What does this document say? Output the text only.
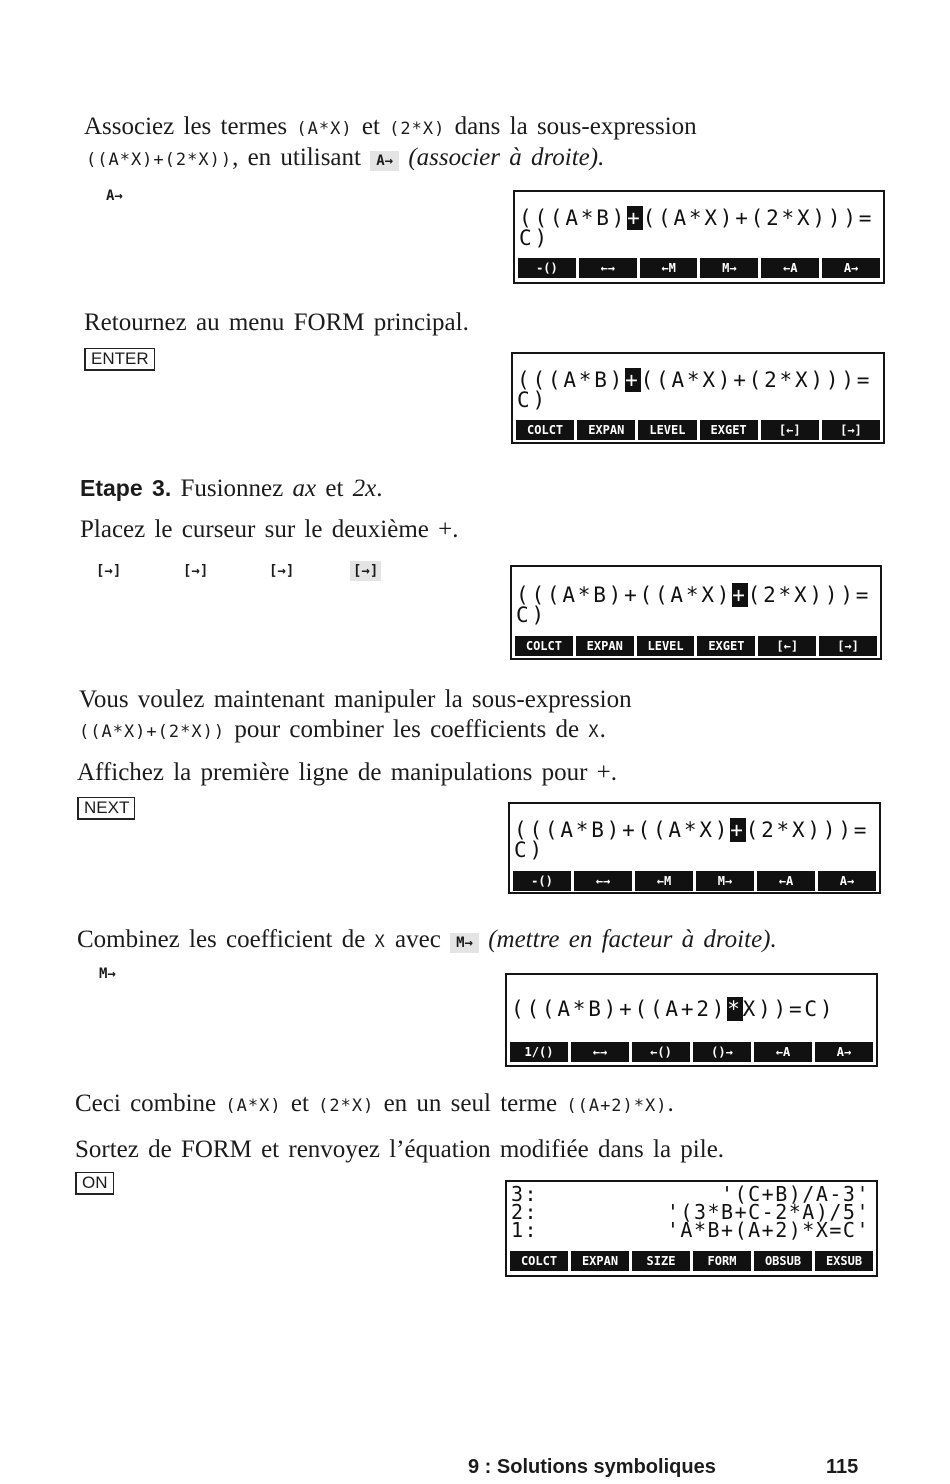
Associez les termes (A*X) et (2*X) dans la sous-expression
((A*X)+(2*X)), en utilisant A→ (associer à droite).
A→
(((A*B)+((A*X)+(2*X)))=
C)
-()	←→	←M	M→	←A	A→
Retournez au menu FORM principal.
ENTER
(((A*B)+((A*X)+(2*X)))=
C)
COLCT	EXPAN	LEVEL	EXGET	[←]	[→]
Etape 3. Fusionnez ax et 2x.
Placez le curseur sur le deuxième +.
[→]	[→]	[→]	[→]
(((A*B)+((A*X)+(2*X)))=
C)
COLCT	EXPAN	LEVEL	EXGET	[←]	[→]
Vous voulez maintenant manipuler la sous-expression
((A*X)+(2*X)) pour combiner les coefficients de X.
Affichez la première ligne de manipulations pour +.
NEXT
(((A*B)+((A*X)+(2*X)))=
C)
-()	←→	←M	M→	←A	A→
Combinez les coefficient de X avec M→ (mettre en facteur à droite).
M→
(((A*B)+((A+2)*X))=C)
1/()	←→	←()	()→	←A	A→
Ceci combine (A*X) et (2*X) en un seul terme ((A+2)*X).
Sortez de FORM et renvoyez l’équation modifiée dans la pile.
ON	3:	'(C+B)/A-3'
2:	'(3*B+C-2*A)/5'
1:	'A*B+(A+2)*X=C'
COLCT	EXPAN	SIZE	FORM	OBSUB	EXSUB
9 : Solutions symboliques	115
